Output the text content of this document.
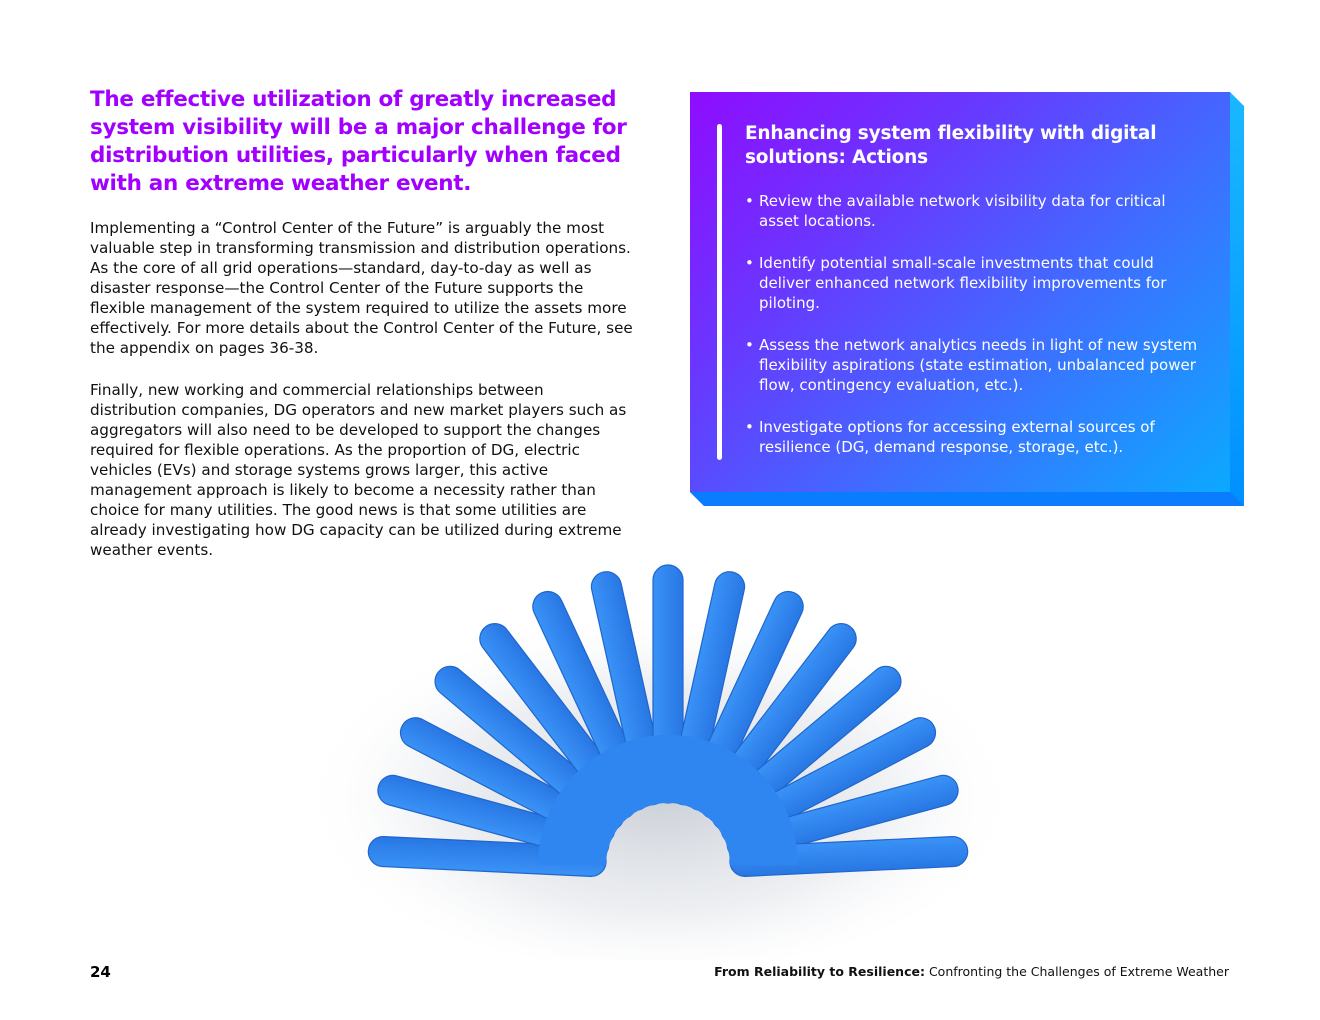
The effective utilization of greatly increased system visibility will be a major challenge for distribution utilities, particularly when faced with an extreme weather event.

Implementing a “Control Center of the Future” is arguably the most valuable step in transforming transmission and distribution operations. As the core of all grid operations—standard, day-to-day as well as disaster response—the Control Center of the Future supports the flexible management of the system required to utilize the assets more effectively. For more details about the Control Center of the Future, see the appendix on pages 36-38.

Finally, new working and commercial relationships between distribution companies, DG operators and new market players such as aggregators will also need to be developed to support the changes required for flexible operations. As the proportion of DG, electric vehicles (EVs) and storage systems grows larger, this active management approach is likely to become a necessity rather than choice for many utilities. The good news is that some utilities are already investigating how DG capacity can be utilized during extreme weather events.

Enhancing system flexibility with digital solutions: Actions
• Review the available network visibility data for critical asset locations.
• Identify potential small-scale investments that could deliver enhanced network flexibility improvements for piloting.
• Assess the network analytics needs in light of new system flexibility aspirations (state estimation, unbalanced power flow, contingency evaluation, etc.).
• Investigate options for accessing external sources of resilience (DG, demand response, storage, etc.).
24	From Reliability to Resilience: Confronting the Challenges of Extreme Weather
